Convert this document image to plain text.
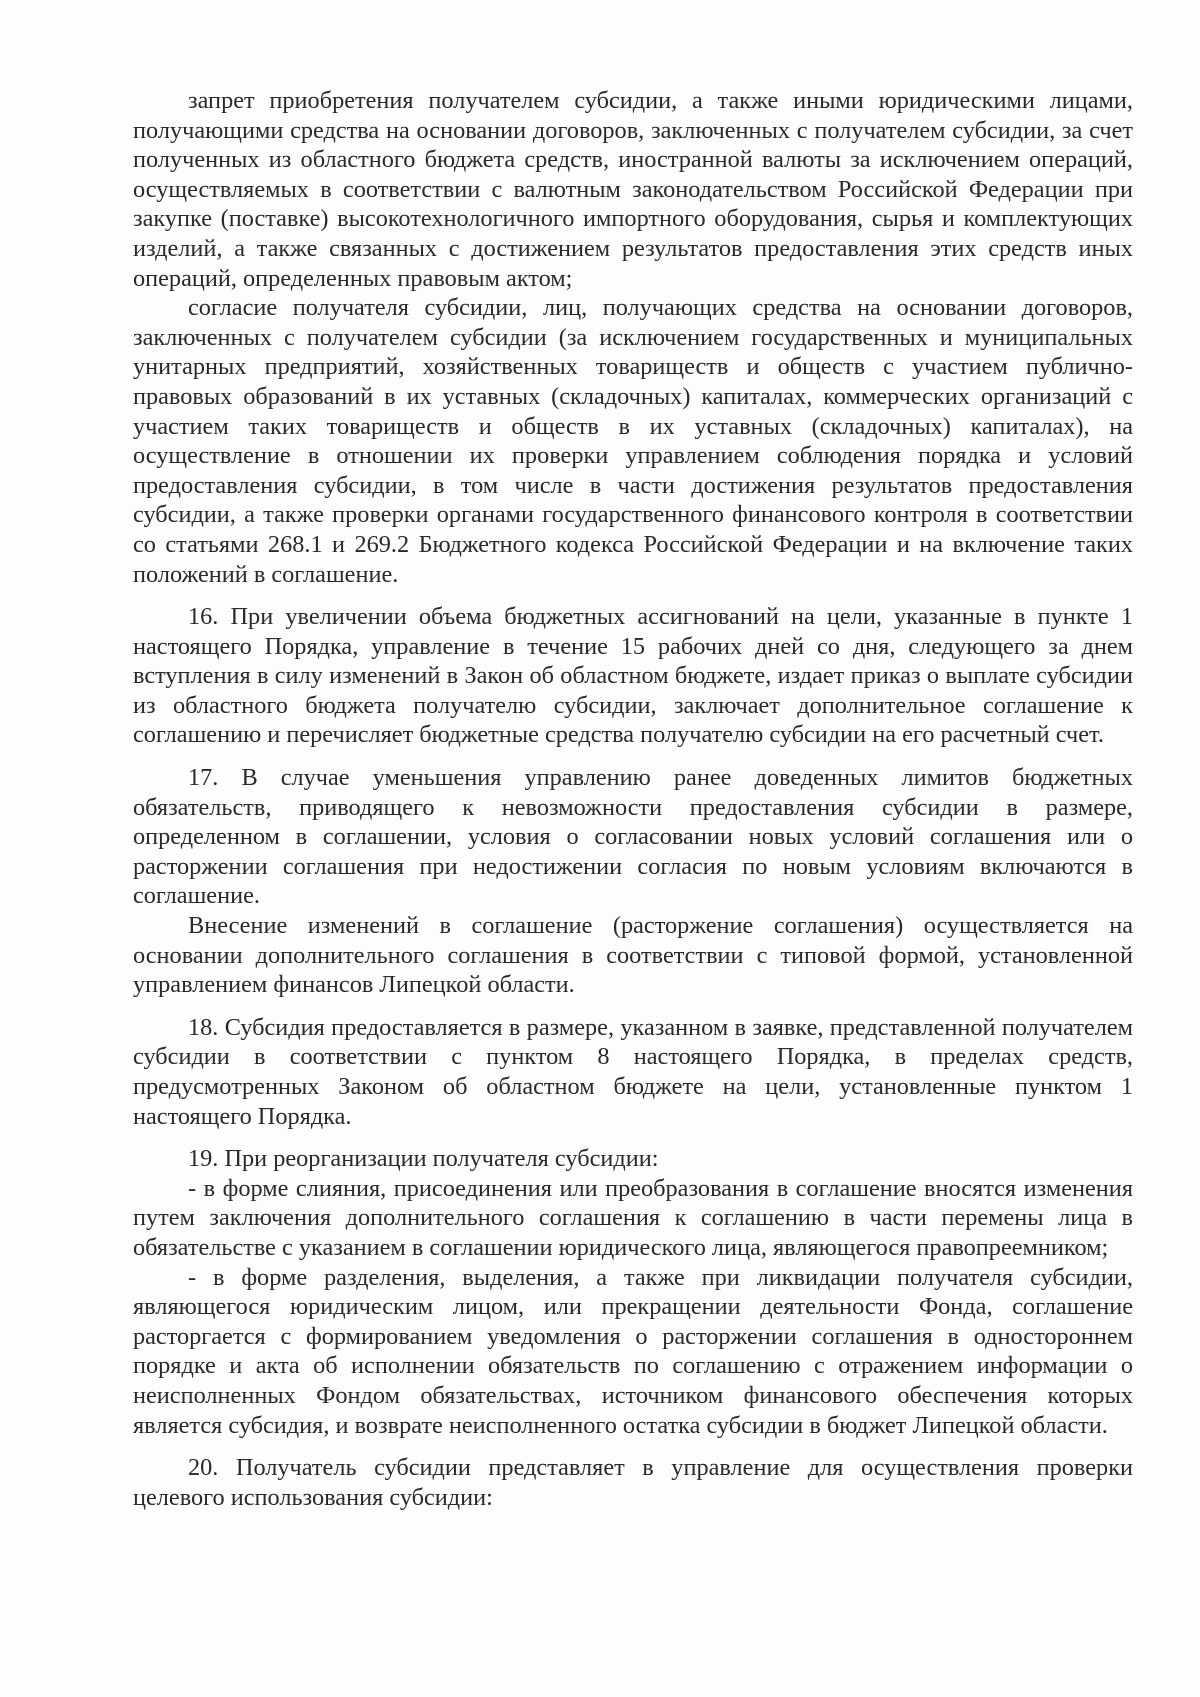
запрет приобретения получателем субсидии, а также иными юридическими лицами, получающими средства на основании договоров, заключенных с получателем субсидии, за счет полученных из областного бюджета средств, иностранной валюты за исключением операций, осуществляемых в соответствии с валютным законодательством Российской Федерации при закупке (поставке) высокотехнологичного импортного оборудования, сырья и комплектующих изделий, а также связанных с достижением результатов предоставления этих средств иных операций, определенных правовым актом;

согласие получателя субсидии, лиц, получающих средства на основании договоров, заключенных с получателем субсидии (за исключением государственных и муниципальных унитарных предприятий, хозяйственных товариществ и обществ с участием публично-правовых образований в их уставных (складочных) капиталах, коммерческих организаций с участием таких товариществ и обществ в их уставных (складочных) капиталах), на осуществление в отношении их проверки управлением соблюдения порядка и условий предоставления субсидии, в том числе в части достижения результатов предоставления субсидии, а также проверки органами государственного финансового контроля в соответствии со статьями 268.1 и 269.2 Бюджетного кодекса Российской Федерации и на включение таких положений в соглашение.

16. При увеличении объема бюджетных ассигнований на цели, указанные в пункте 1 настоящего Порядка, управление в течение 15 рабочих дней со дня, следующего за днем вступления в силу изменений в Закон об областном бюджете, издает приказ о выплате субсидии из областного бюджета получателю субсидии, заключает дополнительное соглашение к соглашению и перечисляет бюджетные средства получателю субсидии на его расчетный счет.

17. В случае уменьшения управлению ранее доведенных лимитов бюджетных обязательств, приводящего к невозможности предоставления субсидии в размере, определенном в соглашении, условия о согласовании новых условий соглашения или о расторжении соглашения при недостижении согласия по новым условиям включаются в соглашение.

Внесение изменений в соглашение (расторжение соглашения) осуществляется на основании дополнительного соглашения в соответствии с типовой формой, установленной управлением финансов Липецкой области.

18. Субсидия предоставляется в размере, указанном в заявке, представленной получателем субсидии в соответствии с пунктом 8 настоящего Порядка, в пределах средств, предусмотренных Законом об областном бюджете на цели, установленные пунктом 1 настоящего Порядка.

19. При реорганизации получателя субсидии:

- в форме слияния, присоединения или преобразования в соглашение вносятся изменения путем заключения дополнительного соглашения к соглашению в части перемены лица в обязательстве с указанием в соглашении юридического лица, являющегося правопреемником;

- в форме разделения, выделения, а также при ликвидации получателя субсидии, являющегося юридическим лицом, или прекращении деятельности Фонда, соглашение расторгается с формированием уведомления о расторжении соглашения в одностороннем порядке и акта об исполнении обязательств по соглашению с отражением информации о неисполненных Фондом обязательствах, источником финансового обеспечения которых является субсидия, и возврате неисполненного остатка субсидии в бюджет Липецкой области.

20. Получатель субсидии представляет в управление для осуществления проверки целевого использования субсидии:
